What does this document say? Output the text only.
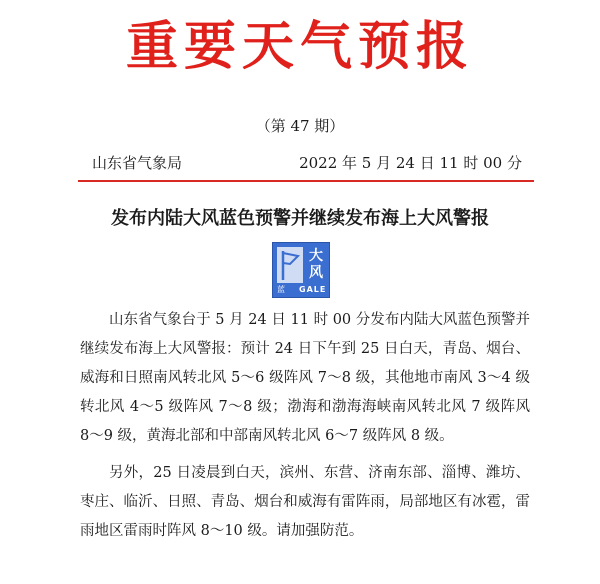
重要天气预报
（第 47 期）
山东省气象局	2022 年 5 月 24 日 11 时 00 分
发布内陆大风蓝色预警并继续发布海上大风警报
大
风
蓝 GALE

山东省气象台于 5 月 24 日 11 时 00 分发布内陆大风蓝色预警并继续发布海上大风警报：预计 24 日下午到 25 日白天，青岛、烟台、威海和日照南风转北风 5～6 级阵风 7～8 级，其他地市南风 3～4 级转北风 4～5 级阵风 7～8 级；渤海和渤海海峡南风转北风 7 级阵风 8～9 级，黄海北部和中部南风转北风 6～7 级阵风 8 级。

另外，25 日凌晨到白天，滨州、东营、济南东部、淄博、潍坊、枣庄、临沂、日照、青岛、烟台和威海有雷阵雨，局部地区有冰雹，雷雨地区雷雨时阵风 8～10 级。请加强防范。
